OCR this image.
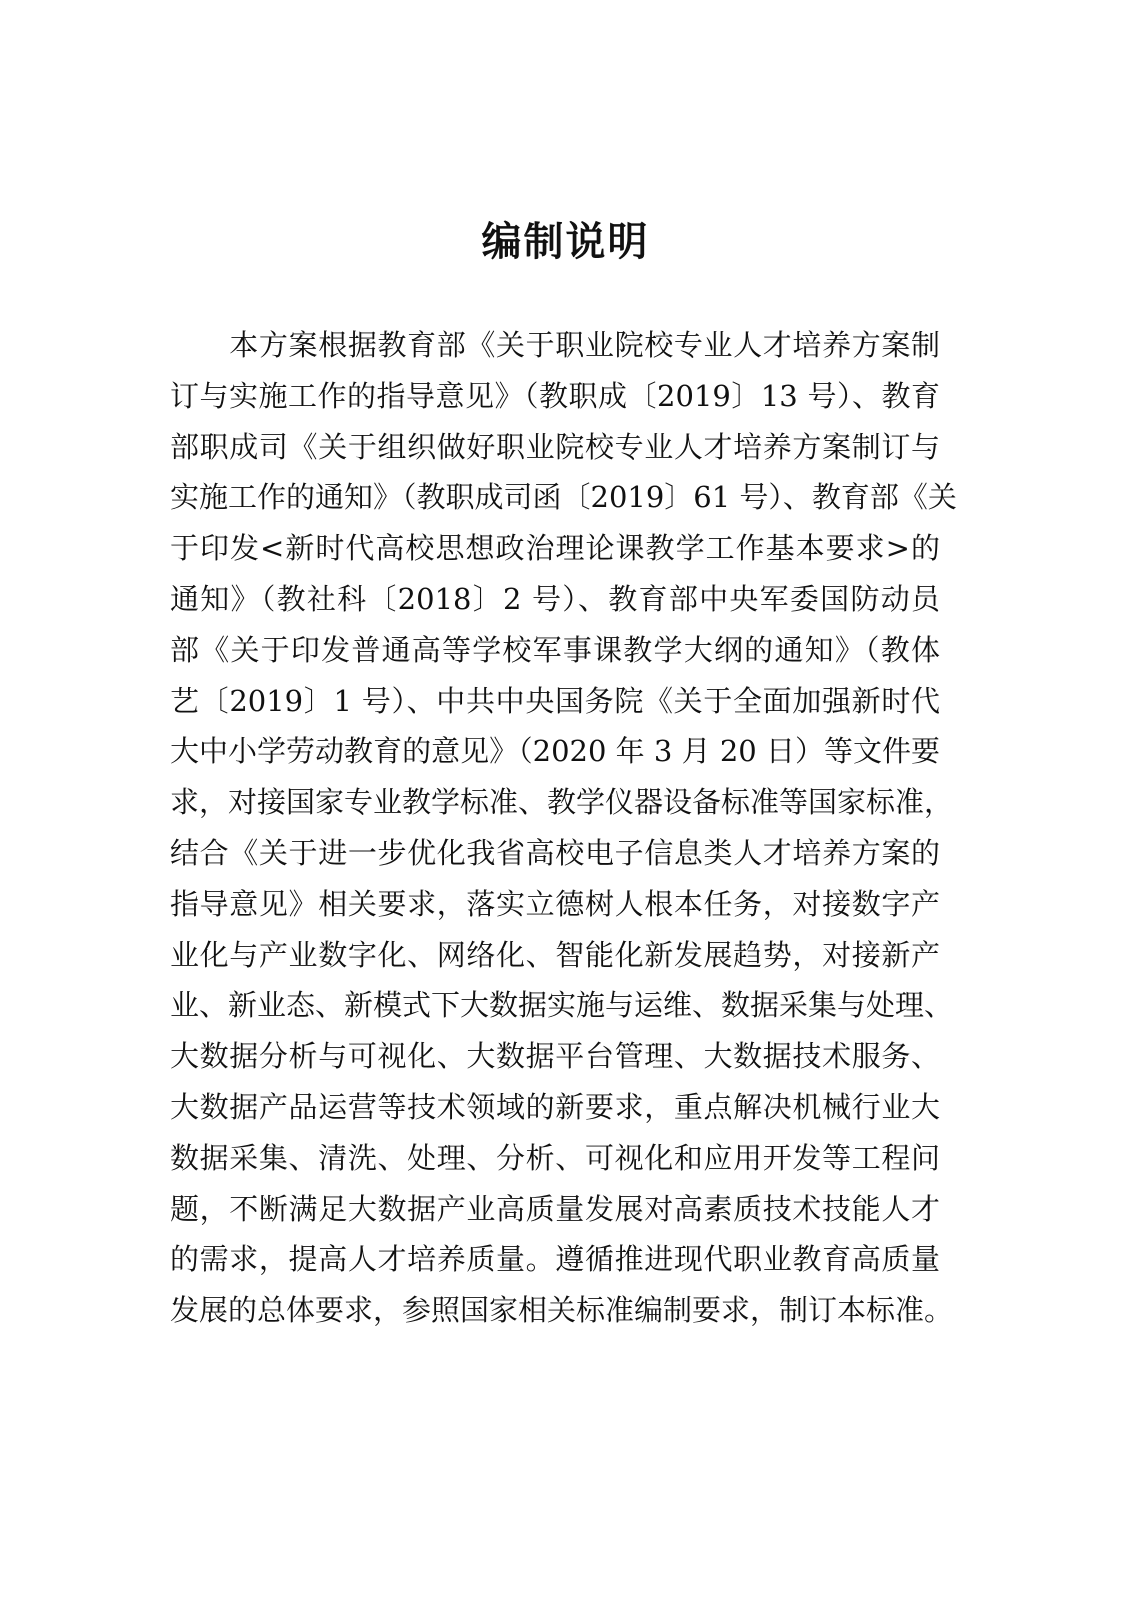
编制说明
　　本方案根据教育部《关于职业院校专业人才培养方案制
订与实施工作的指导意见》（教职成〔2019〕13 号）、教育
部职成司《关于组织做好职业院校专业人才培养方案制订与
实施工作的通知》（教职成司函〔2019〕61 号）、教育部《关
于印发<新时代高校思想政治理论课教学工作基本要求>的
通知》（教社科〔2018〕2 号）、教育部中央军委国防动员
部《关于印发普通高等学校军事课教学大纲的通知》（教体
艺〔2019〕1 号）、中共中央国务院《关于全面加强新时代
大中小学劳动教育的意见》（2020 年 3 月 20 日）等文件要
求，对接国家专业教学标准、教学仪器设备标准等国家标准，
结合《关于进一步优化我省高校电子信息类人才培养方案的
指导意见》相关要求，落实立德树人根本任务，对接数字产
业化与产业数字化、网络化、智能化新发展趋势，对接新产
业、新业态、新模式下大数据实施与运维、数据采集与处理、
大数据分析与可视化、大数据平台管理、大数据技术服务、
大数据产品运营等技术领域的新要求，重点解决机械行业大
数据采集、清洗、处理、分析、可视化和应用开发等工程问
题，不断满足大数据产业高质量发展对高素质技术技能人才
的需求，提高人才培养质量。遵循推进现代职业教育高质量
发展的总体要求，参照国家相关标准编制要求，制订本标准。
